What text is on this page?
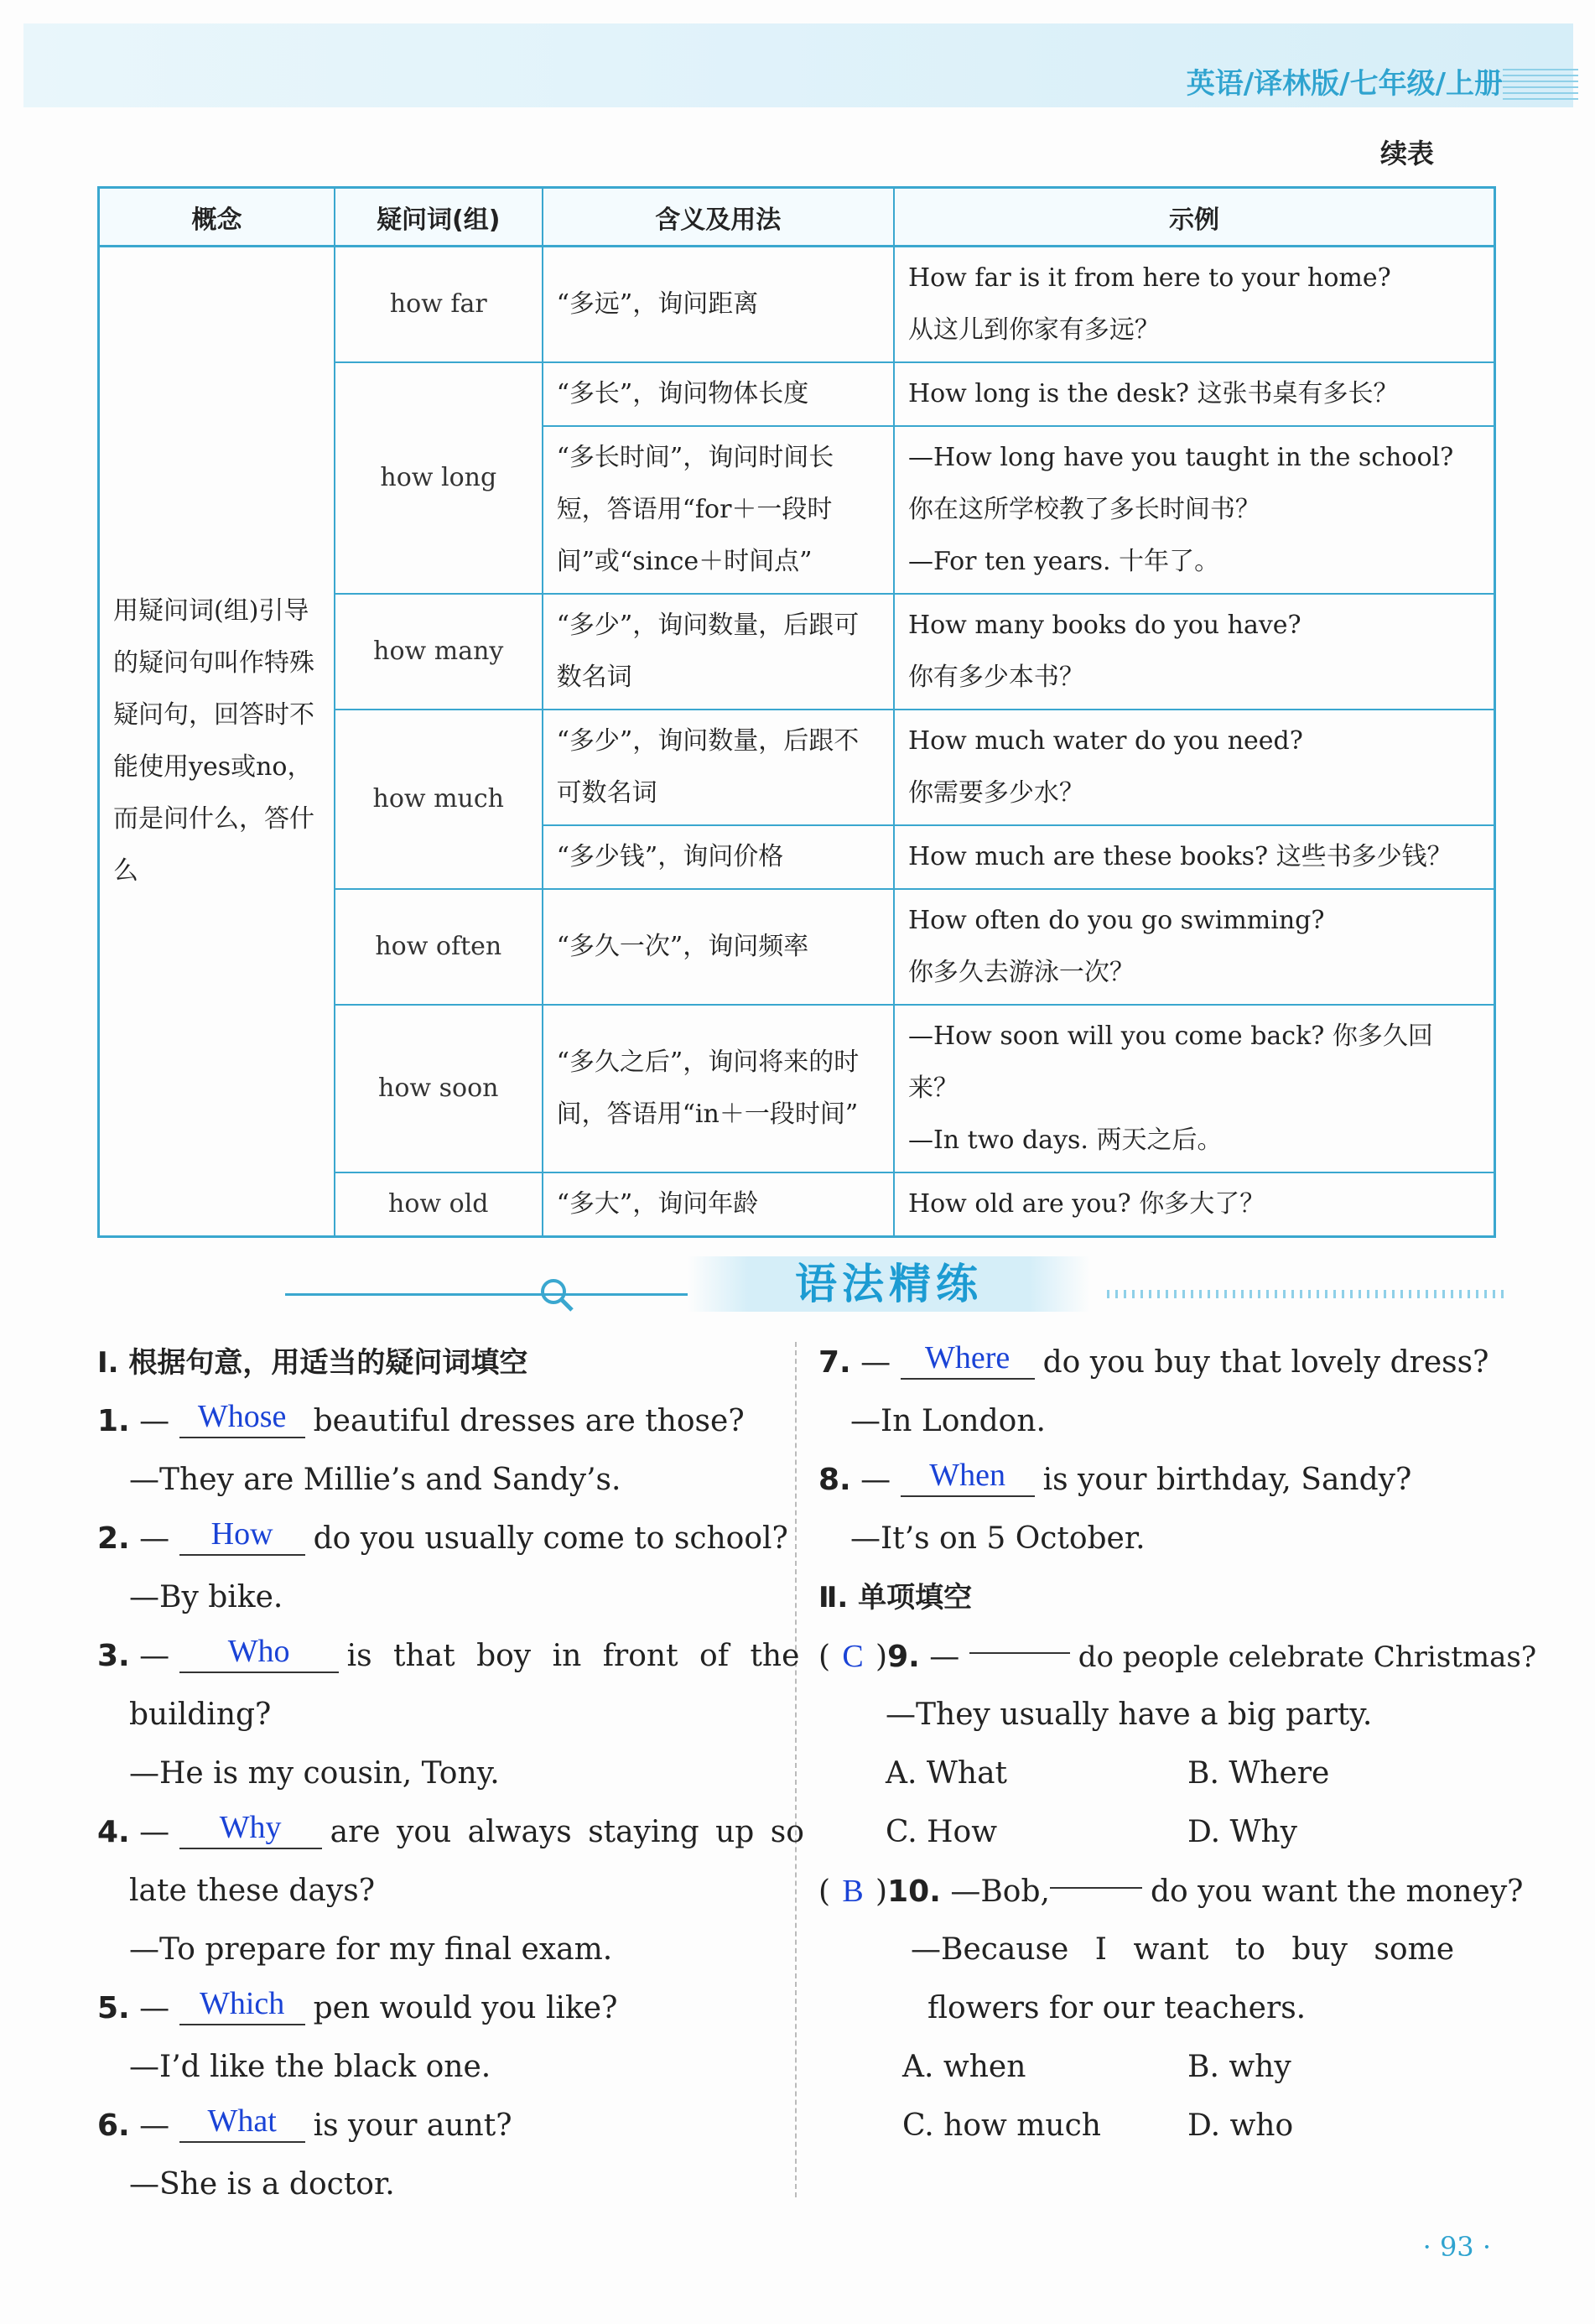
英语/译林版/七年级/上册
续表
概念	疑问词(组)	含义及用法	示例
用疑问词(组)引导的疑问句叫作特殊疑问句，回答时不能使用yes或no，而是问什么，答什么	how far	“多远”，询问距离	How far is it from here to your home?
从这儿到你家有多远？

	how long	“多长”，询问物体长度	How long is the desk? 这张书桌有多长？

		“多长时间”，询问时间长短，答语用“for＋一段时间”或“since＋时间点”	—How long have you taught in the school?
你在这所学校教了多长时间书？
—For ten years. 十年了。

	how many	“多少”，询问数量，后跟可数名词	How many books do you have?
你有多少本书？

	how much	“多少”，询问数量，后跟不可数名词	How much water do you need?
你需要多少水？

		“多少钱”，询问价格	How much are these books? 这些书多少钱？

	how often	“多久一次”，询问频率	How often do you go swimming?
你多久去游泳一次？

	how soon	“多久之后”，询问将来的时间，答语用“in＋一段时间”	—How soon will you come back? 你多久回来？
—In two days. 两天之后。

	how old	“多大”，询问年龄	How old are you? 你多大了？
语法精练
Ⅰ. 根据句意，用适当的疑问词填空
1. — Whose beautiful dresses are those?
—They are Millie’s and Sandy’s.
2. — How do you usually come to school?
—By bike.
3. — Who is that boy in front of the
building?
—He is my cousin, Tony.
4. — Why are you always staying up so
late these days?
—To prepare for my final exam.
5. — Which pen would you like?
—I’d like the black one.
6. — What is your aunt?
—She is a doctor.
7. — Where do you buy that lovely dress?
—In London.
8. — When is your birthday, Sandy?
—It’s on 5 October.
Ⅱ. 单项填空
( C )9. —	do people celebrate Christmas?
—They usually have a big party.
A. What	B. Where
C. How	D. Why
( B )10. —Bob,	do you want the money?
—Because I want to buy some
flowers for our teachers.
A. when	B. why
C. how much	D. who
· 93 ·
